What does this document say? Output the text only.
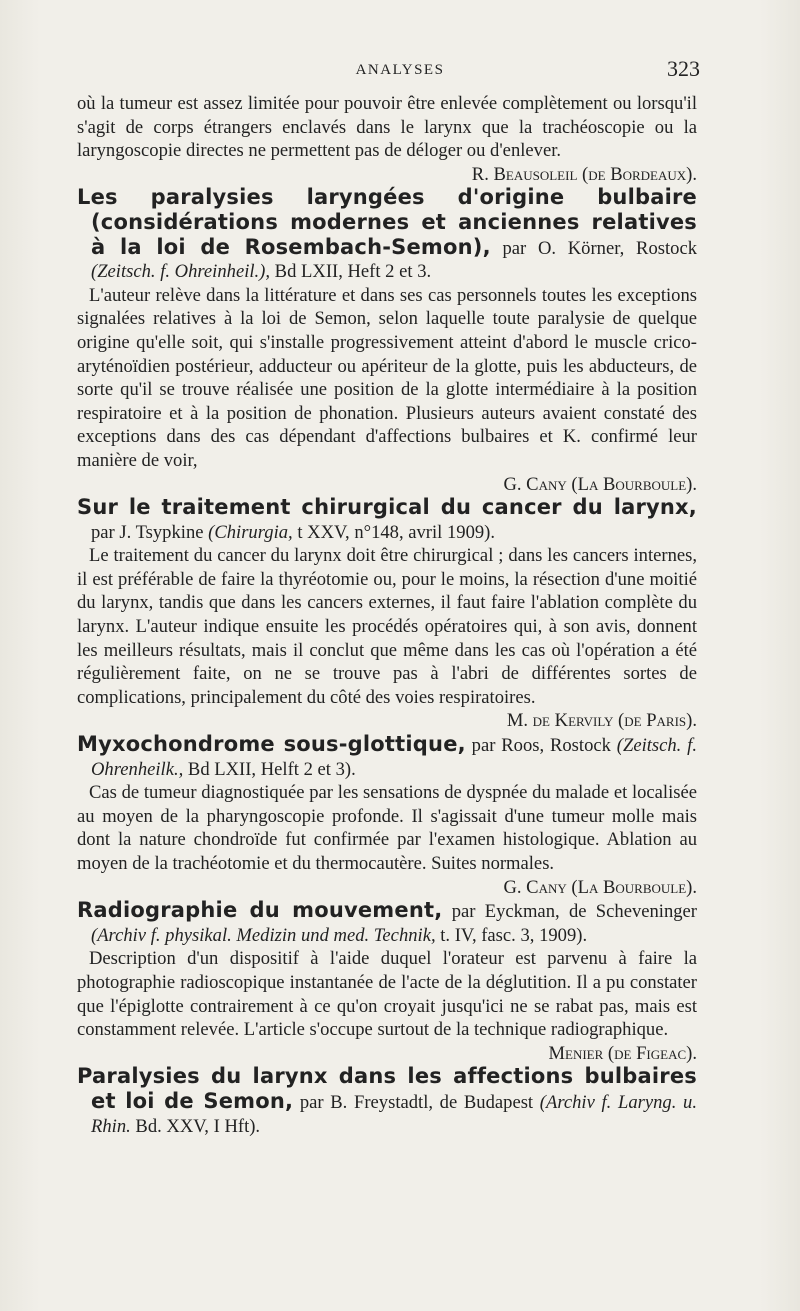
ANALYSES	323

où la tumeur est assez limitée pour pouvoir être enlevée complètement ou lorsqu'il s'agit de corps étrangers enclavés dans le larynx que la trachéoscopie ou la laryngoscopie directes ne permettent pas de déloger ou d'enlever.

R. Beausoleil (de Bordeaux).

Les paralysies laryngées d'origine bulbaire (considérations modernes et anciennes relatives à la loi de Rosembach-Semon), par O. Körner, Rostock (Zeitsch. f. Ohreinheil.), Bd LXII, Heft 2 et 3.

L'auteur relève dans la littérature et dans ses cas personnels toutes les exceptions signalées relatives à la loi de Semon, selon laquelle toute paralysie de quelque origine qu'elle soit, qui s'installe progressivement atteint d'abord le muscle crico-aryténoïdien postérieur, adducteur ou apériteur de la glotte, puis les abducteurs, de sorte qu'il se trouve réalisée une position de la glotte intermédiaire à la position respiratoire et à la position de phonation. Plusieurs auteurs avaient constaté des exceptions dans des cas dépendant d'affections bulbaires et K. confirmé leur manière de voir,

G. Cany (La Bourboule).

Sur le traitement chirurgical du cancer du larynx, par J. Tsypkine (Chirurgia, t XXV, n°148, avril 1909).

Le traitement du cancer du larynx doit être chirurgical ; dans les cancers internes, il est préférable de faire la thyréotomie ou, pour le moins, la résection d'une moitié du larynx, tandis que dans les cancers externes, il faut faire l'ablation complète du larynx. L'auteur indique ensuite les procédés opératoires qui, à son avis, donnent les meilleurs résultats, mais il conclut que même dans les cas où l'opération a été régulièrement faite, on ne se trouve pas à l'abri de différentes sortes de complications, principalement du côté des voies respiratoires.

M. de Kervily (de Paris).

Myxochondrome sous-glottique, par Roos, Rostock (Zeitsch. f. Ohrenheilk., Bd LXII, Helft 2 et 3).

Cas de tumeur diagnostiquée par les sensations de dyspnée du malade et localisée au moyen de la pharyngoscopie profonde. Il s'agissait d'une tumeur molle mais dont la nature chondroïde fut confirmée par l'examen histologique. Ablation au moyen de la trachéotomie et du thermocautère. Suites normales.

G. Cany (La Bourboule).

Radiographie du mouvement, par Eyckman, de Scheveninger (Archiv f. physikal. Medizin und med. Technik, t. IV, fasc. 3, 1909).

Description d'un dispositif à l'aide duquel l'orateur est parvenu à faire la photographie radioscopique instantanée de l'acte de la déglutition. Il a pu constater que l'épiglotte contrairement à ce qu'on croyait jusqu'ici ne se rabat pas, mais est constamment relevée. L'article s'occupe surtout de la technique radiographique.

Menier (de Figeac).

Paralysies du larynx dans les affections bulbaires et loi de Semon, par B. Freystadtl, de Budapest (Archiv f. Laryng. u. Rhin. Bd. XXV, I Hft).
